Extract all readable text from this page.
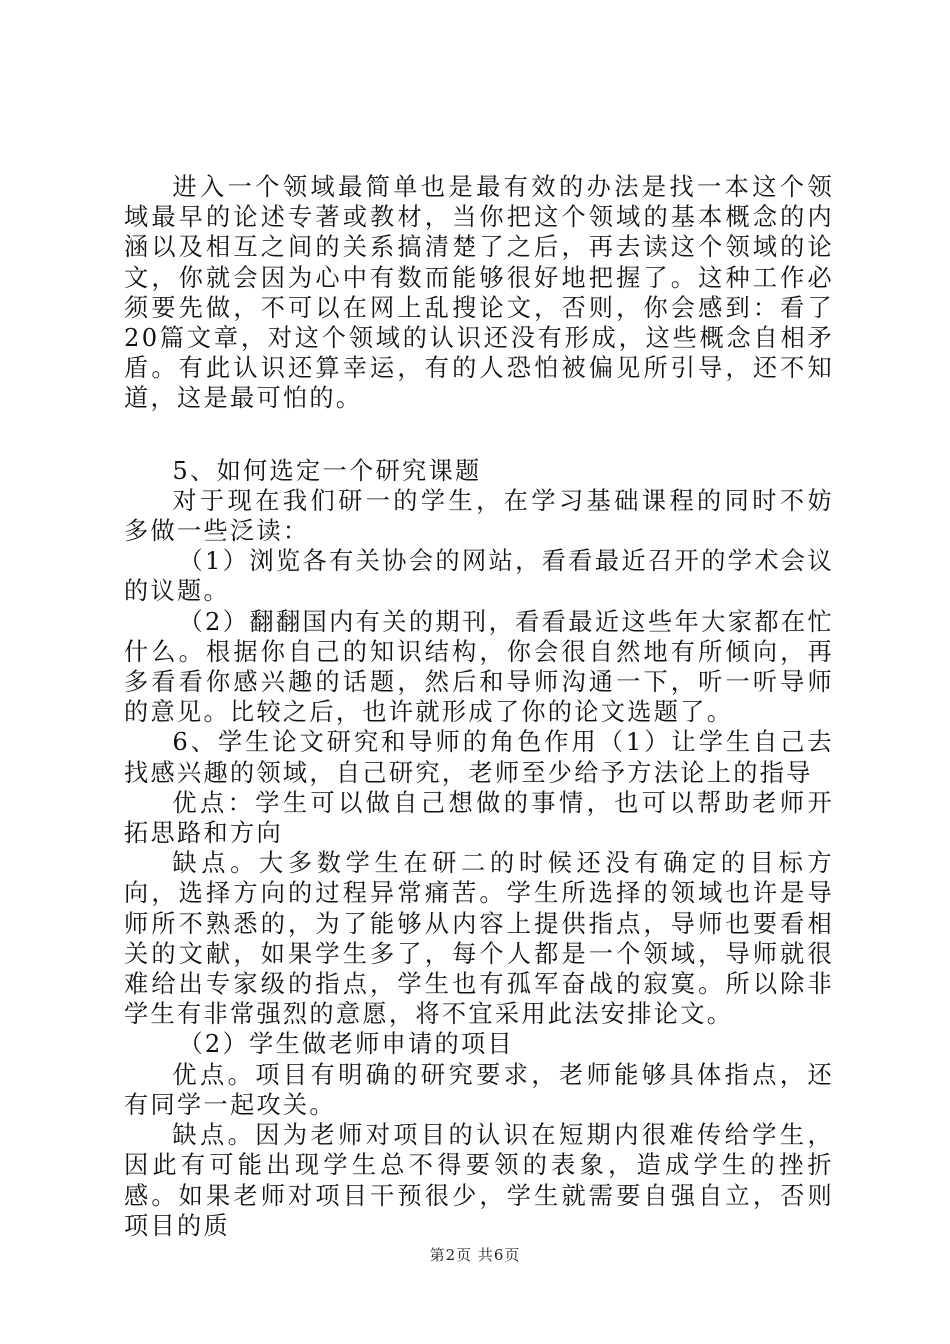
进入一个领域最简单也是最有效的办法是找一本这个领域最早的论述专著或教材，当你把这个领域的基本概念的内涵以及相互之间的关系搞清楚了之后，再去读这个领域的论文，你就会因为心中有数而能够很好地把握了。这种工作必须要先做，不可以在网上乱搜论文，否则，你会感到：看了20篇文章，对这个领域的认识还没有形成，这些概念自相矛盾。有此认识还算幸运，有的人恐怕被偏见所引导，还不知道，这是最可怕的。

5、如何选定一个研究课题

对于现在我们研一的学生，在学习基础课程的同时不妨多做一些泛读：

（1）浏览各有关协会的网站，看看最近召开的学术会议的议题。

（2）翻翻国内有关的期刊，看看最近这些年大家都在忙什么。根据你自己的知识结构，你会很自然地有所倾向，再多看看你感兴趣的话题，然后和导师沟通一下，听一听导师的意见。比较之后，也许就形成了你的论文选题了。

6、学生论文研究和导师的角色作用（1）让学生自己去找感兴趣的领域，自己研究，老师至少给予方法论上的指导

优点：学生可以做自己想做的事情，也可以帮助老师开拓思路和方向

缺点。大多数学生在研二的时候还没有确定的目标方向，选择方向的过程异常痛苦。学生所选择的领域也许是导师所不熟悉的，为了能够从内容上提供指点，导师也要看相关的文献，如果学生多了，每个人都是一个领域，导师就很难给出专家级的指点，学生也有孤军奋战的寂寞。所以除非学生有非常强烈的意愿，将不宜采用此法安排论文。

（2）学生做老师申请的项目

优点。项目有明确的研究要求，老师能够具体指点，还有同学一起攻关。

缺点。因为老师对项目的认识在短期内很难传给学生，因此有可能出现学生总不得要领的表象，造成学生的挫折感。如果老师对项目干预很少，学生就需要自强自立，否则项目的质

第2页 共6页
